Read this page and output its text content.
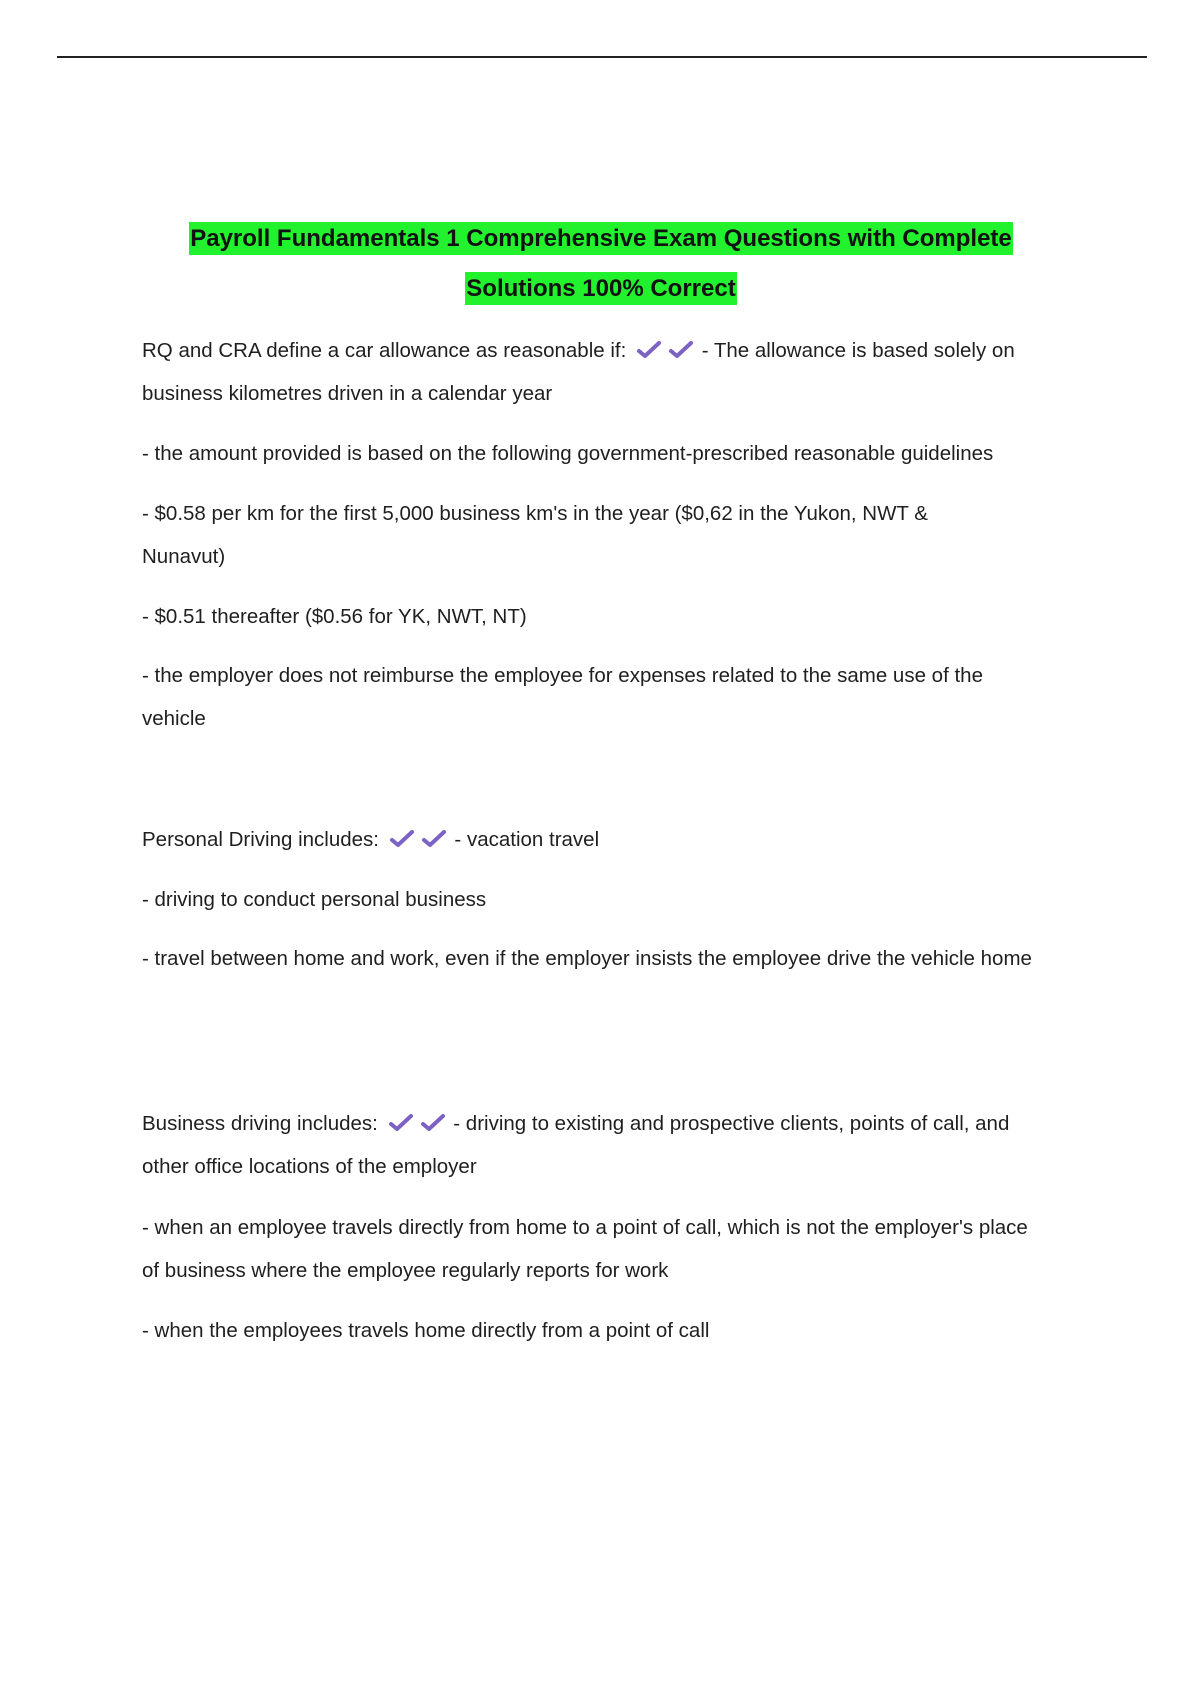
Payroll Fundamentals 1 Comprehensive Exam Questions with Complete
Solutions 100% Correct
RQ and CRA define a car allowance as reasonable if:	- The allowance is based solely on
business kilometres driven in a calendar year
- the amount provided is based on the following government-prescribed reasonable guidelines
- $0.58 per km for the first 5,000 business km's in the year ($0,62 in the Yukon, NWT & Nunavut)
- $0.51 thereafter ($0.56 for YK, NWT, NT)
- the employer does not reimburse the employee for expenses related to the same use of the vehicle
Personal Driving includes:	- vacation travel
- driving to conduct personal business
- travel between home and work, even if the employer insists the employee drive the vehicle home
Business driving includes:	- driving to existing and prospective clients, points of call, and
other office locations of the employer
- when an employee travels directly from home to a point of call, which is not the employer's place of business where the employee regularly reports for work
- when the employees travels home directly from a point of call
